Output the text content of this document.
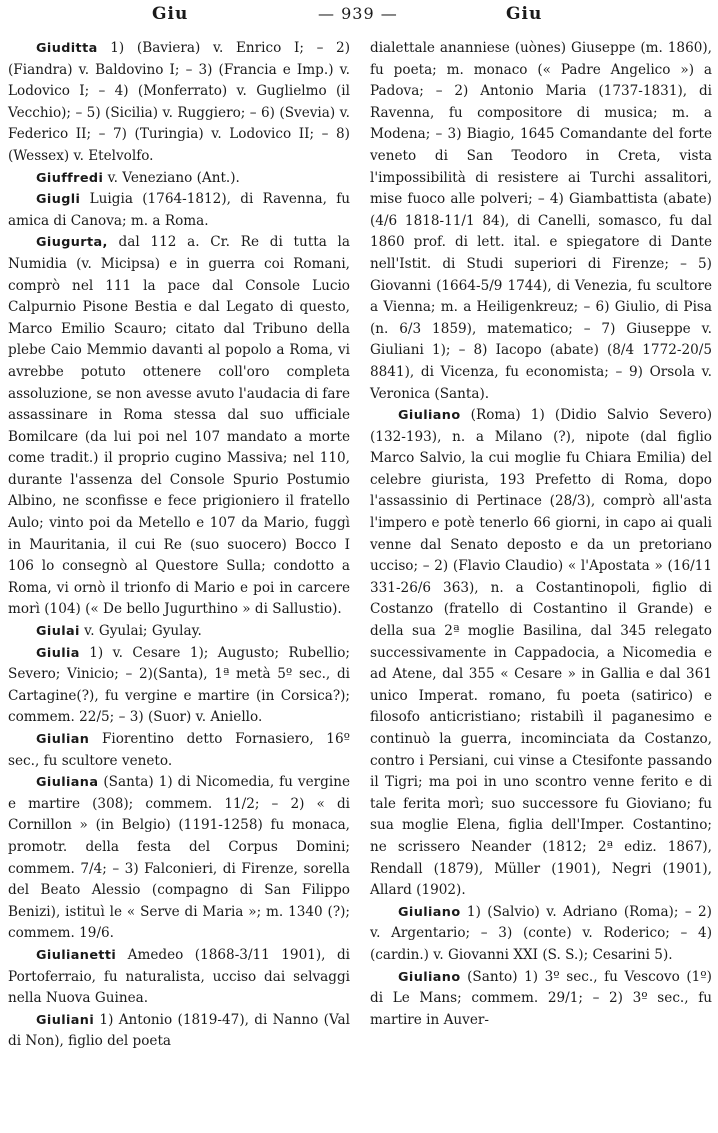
Giu	— 939 —	Giu

Giuditta 1) (Baviera) v. Enrico I; – 2) (Fiandra) v. Baldovino I; – 3) (Francia e Imp.) v. Lodovico I; – 4) (Monferrato) v. Guglielmo (il Vecchio); – 5) (Sicilia) v. Ruggiero; – 6) (Svevia) v. Federico II; – 7) (Turingia) v. Lodovico II; – 8) (Wessex) v. Etelvolfo.

Giuffredi v. Veneziano (Ant.).

Giugli Luigia (1764-1812), di Ravenna, fu amica di Canova; m. a Roma.

Giugurta, dal 112 a. Cr. Re di tutta la Numidia (v. Micipsa) e in guerra coi Romani, comprò nel 111 la pace dal Console Lucio Calpurnio Pisone Bestia e dal Legato di questo, Marco Emilio Scauro; citato dal Tribuno della plebe Caio Memmio davanti al popolo a Roma, vi avrebbe potuto ottenere coll'oro completa assoluzione, se non avesse avuto l'audacia di fare assassinare in Roma stessa dal suo ufficiale Bomilcare (da lui poi nel 107 mandato a morte come tradit.) il proprio cugino Massiva; nel 110, durante l'assenza del Console Spurio Postumio Albino, ne sconfisse e fece prigioniero il fratello Aulo; vinto poi da Metello e 107 da Mario, fuggì in Mauritania, il cui Re (suo suocero) Bocco I 106 lo consegnò al Questore Sulla; condotto a Roma, vi ornò il trionfo di Mario e poi in carcere morì (104) (« De bello Jugurthino » di Sallustio).

Giulai v. Gyulai; Gyulay.

Giulia 1) v. Cesare 1); Augusto; Rubellio; Severo; Vinicio; – 2)(Santa), 1ª metà 5º sec., di Cartagine(?), fu vergine e martire (in Corsica?); commem. 22/5; – 3) (Suor) v. Aniello.

Giulian Fiorentino detto Fornasiero, 16º sec., fu scultore veneto.

Giuliana (Santa) 1) di Nicomedia, fu vergine e martire (308); commem. 11/2; – 2) « di Cornillon » (in Belgio) (1191-1258) fu monaca, promotr. della festa del Corpus Domini; commem. 7/4; – 3) Falconieri, di Firenze, sorella del Beato Alessio (compagno di San Filippo Benizi), istituì le « Serve di Maria »; m. 1340 (?); commem. 19/6.

Giulianetti Amedeo (1868-3/11 1901), di Portoferraio, fu naturalista, ucciso dai selvaggi nella Nuova Guinea.

Giuliani 1) Antonio (1819-47), di Nanno (Val di Non), figlio del poeta

dialettale ananniese (uònes) Giuseppe (m. 1860), fu poeta; m. monaco (« Padre Angelico ») a Padova; – 2) Antonio Maria (1737-1831), di Ravenna, fu compositore di musica; m. a Modena; – 3) Biagio, 1645 Comandante del forte veneto di San Teodoro in Creta, vista l'impossibilità di resistere ai Turchi assalitori, mise fuoco alle polveri; – 4) Giambattista (abate) (4/6 1818-11/1 84), di Canelli, somasco, fu dal 1860 prof. di lett. ital. e spiegatore di Dante nell'Istit. di Studi superiori di Firenze; – 5) Giovanni (1664-5/9 1744), di Venezia, fu scultore a Vienna; m. a Heiligenkreuz; – 6) Giulio, di Pisa (n. 6/3 1859), matematico; – 7) Giuseppe v. Giuliani 1); – 8) Iacopo (abate) (8/4 1772-20/5 8841), di Vicenza, fu economista; – 9) Orsola v. Veronica (Santa).

Giuliano (Roma) 1) (Didio Salvio Severo) (132-193), n. a Milano (?), nipote (dal figlio Marco Salvio, la cui moglie fu Chiara Emilia) del celebre giurista, 193 Prefetto di Roma, dopo l'assassinio di Pertinace (28/3), comprò all'asta l'impero e potè tenerlo 66 giorni, in capo ai quali venne dal Senato deposto e da un pretoriano ucciso; – 2) (Flavio Claudio) « l'Apostata » (16/11 331-26/6 363), n. a Costantinopoli, figlio di Costanzo (fratello di Costantino il Grande) e della sua 2ª moglie Basilina, dal 345 relegato successivamente in Cappadocia, a Nicomedia e ad Atene, dal 355 « Cesare » in Gallia e dal 361 unico Imperat. romano, fu poeta (satirico) e filosofo anticristiano; ristabilì il paganesimo e continuò la guerra, incominciata da Costanzo, contro i Persiani, cui vinse a Ctesifonte passando il Tigri; ma poi in uno scontro venne ferito e di tale ferita morì; suo successore fu Gioviano; fu sua moglie Elena, figlia dell'Imper. Costantino; ne scrissero Neander (1812; 2ª ediz. 1867), Rendall (1879), Müller (1901), Negri (1901), Allard (1902).

Giuliano 1) (Salvio) v. Adriano (Roma); – 2) v. Argentario; – 3) (conte) v. Roderico; – 4) (cardin.) v. Giovanni XXI (S. S.); Cesarini 5).

Giuliano (Santo) 1) 3º sec., fu Vescovo (1º) di Le Mans; commem. 29/1; – 2) 3º sec., fu martire in Auver-
